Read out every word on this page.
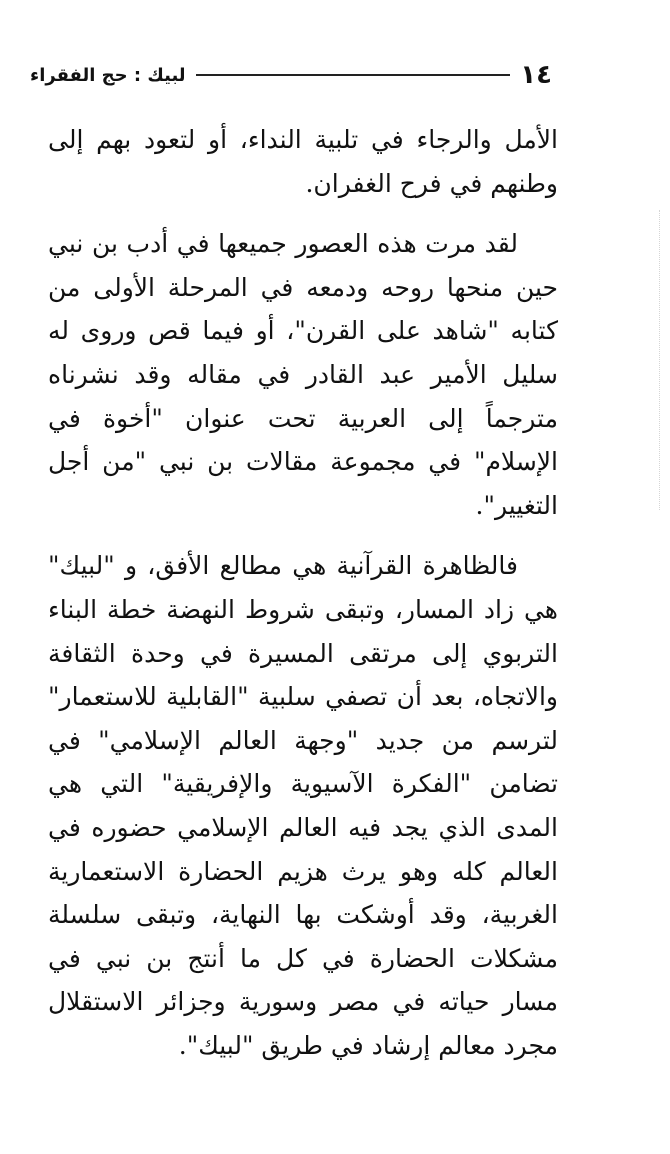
١٤
لبيك : حج الفقراء

الأمل والرجاء في تلبية النداء، أو لتعود بهم إلى وطنهم في فرح الغفران.

لقد مرت هذه العصور جميعها في أدب بن نبي حين منحها روحه ودمعه في المرحلة الأولى من كتابه "شاهد على القرن"، أو فيما قص وروى له سليل الأمير عبد القادر في مقاله وقد نشرناه مترجماً إلى العربية تحت عنوان "أخوة في الإسلام" في مجموعة مقالات بن نبي "من أجل التغيير".

فالظاهرة القرآنية هي مطالع الأفق، و "لبيك" هي زاد المسار، وتبقى شروط النهضة خطة البناء التربوي إلى مرتقى المسيرة في وحدة الثقافة والاتجاه، بعد أن تصفي سلبية "القابلية للاستعمار" لترسم من جديد "وجهة العالم الإسلامي" في تضامن "الفكرة الآسيوية والإفريقية" التي هي المدى الذي يجد فيه العالم الإسلامي حضوره في العالم كله وهو يرث هزيم الحضارة الاستعمارية الغربية، وقد أوشكت بها النهاية، وتبقى سلسلة مشكلات الحضارة في كل ما أنتج بن نبي في مسار حياته في مصر وسورية وجزائر الاستقلال مجرد معالم إرشاد في طريق "لبيك".
